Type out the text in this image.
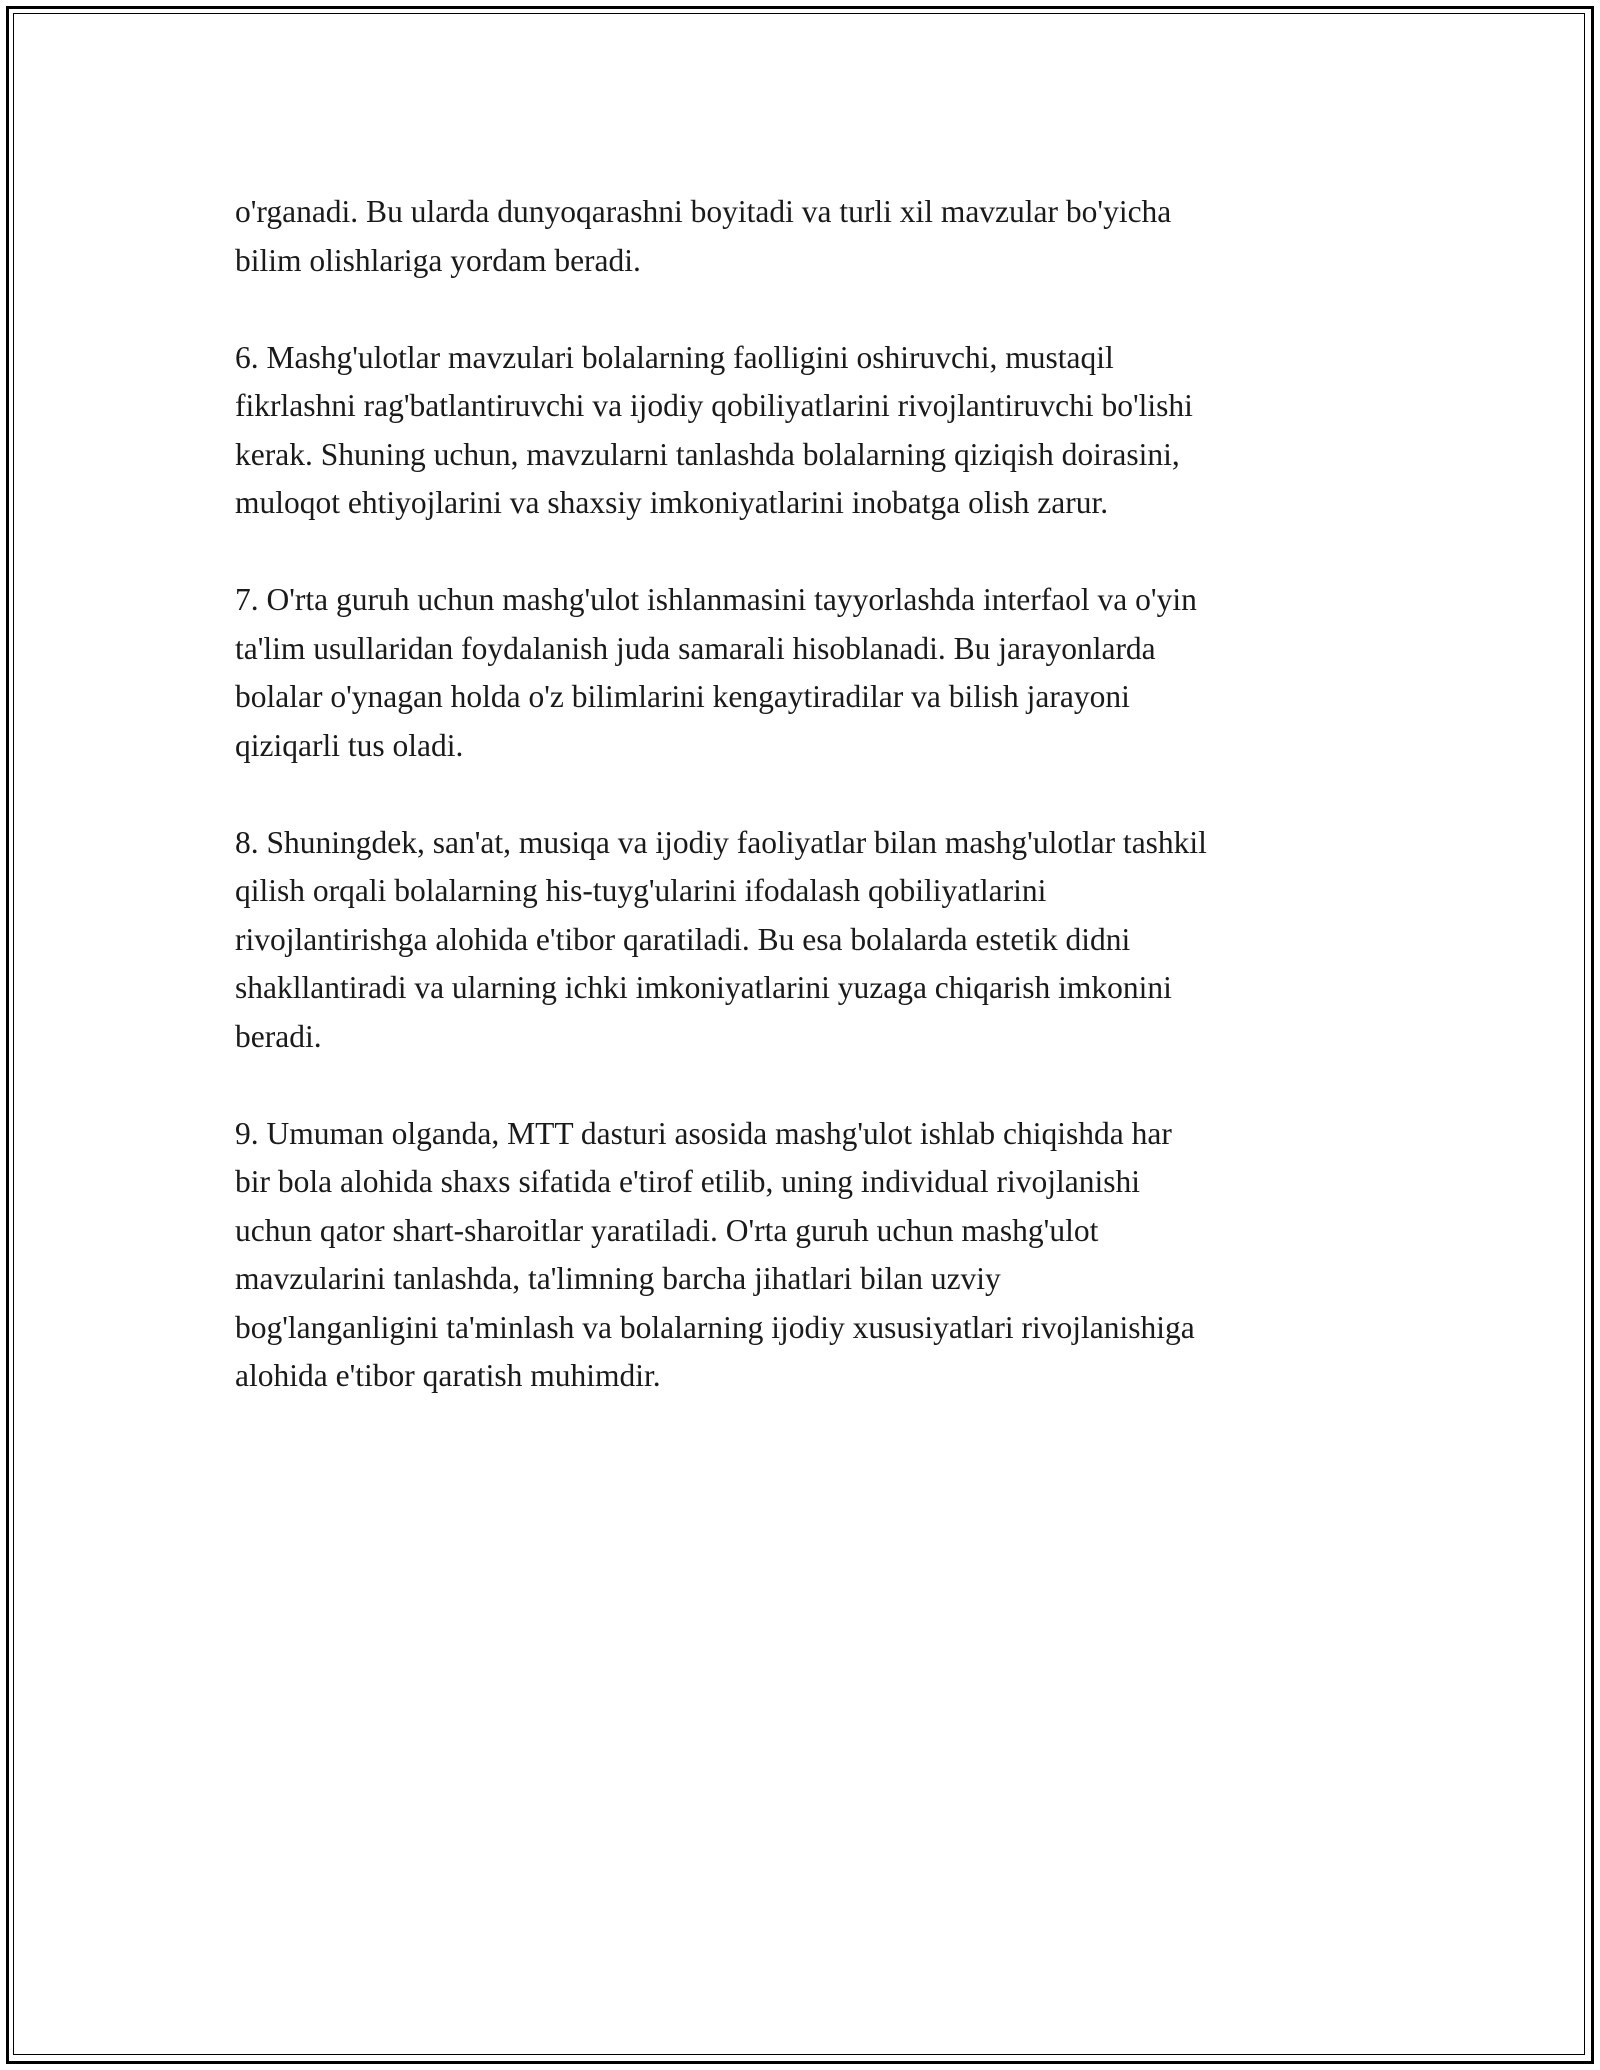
o'rganadi. Bu ularda dunyoqarashni boyitadi va turli xil mavzular bo'yicha
bilim olishlariga yordam beradi.

6. Mashg'ulotlar mavzulari bolalarning faolligini oshiruvchi, mustaqil
fikrlashni rag'batlantiruvchi va ijodiy qobiliyatlarini rivojlantiruvchi bo'lishi
kerak. Shuning uchun, mavzularni tanlashda bolalarning qiziqish doirasini,
muloqot ehtiyojlarini va shaxsiy imkoniyatlarini inobatga olish zarur.

7. O'rta guruh uchun mashg'ulot ishlanmasini tayyorlashda interfaol va o'yin
ta'lim usullaridan foydalanish juda samarali hisoblanadi. Bu jarayonlarda
bolalar o'ynagan holda o'z bilimlarini kengaytiradilar va bilish jarayoni
qiziqarli tus oladi.

8. Shuningdek, san'at, musiqa va ijodiy faoliyatlar bilan mashg'ulotlar tashkil
qilish orqali bolalarning his-tuyg'ularini ifodalash qobiliyatlarini
rivojlantirishga alohida e'tibor qaratiladi. Bu esa bolalarda estetik didni
shakllantiradi va ularning ichki imkoniyatlarini yuzaga chiqarish imkonini
beradi.

9. Umuman olganda, MTT dasturi asosida mashg'ulot ishlab chiqishda har
bir bola alohida shaxs sifatida e'tirof etilib, uning individual rivojlanishi
uchun qator shart-sharoitlar yaratiladi. O'rta guruh uchun mashg'ulot
mavzularini tanlashda, ta'limning barcha jihatlari bilan uzviy
bog'langanligini ta'minlash va bolalarning ijodiy xususiyatlari rivojlanishiga
alohida e'tibor qaratish muhimdir.
